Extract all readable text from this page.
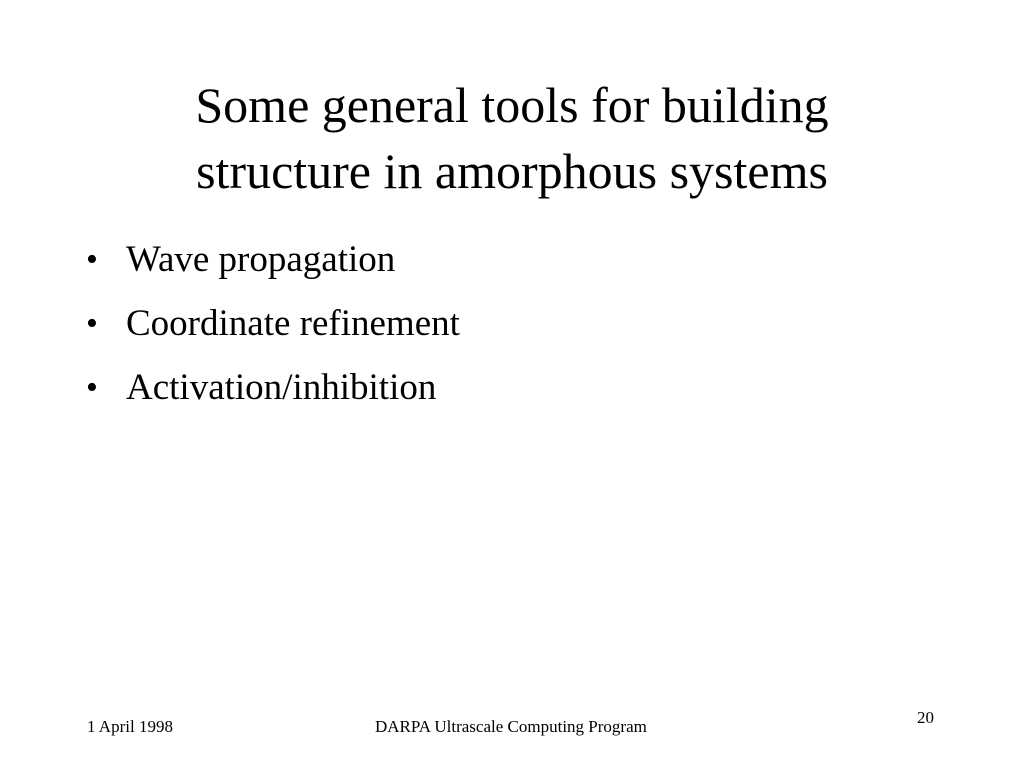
Some general tools for building
structure in amorphous systems
• Wave propagation
• Coordinate refinement
• Activation/inhibition
1 April 1998	DARPA Ultrascale Computing Program	20
